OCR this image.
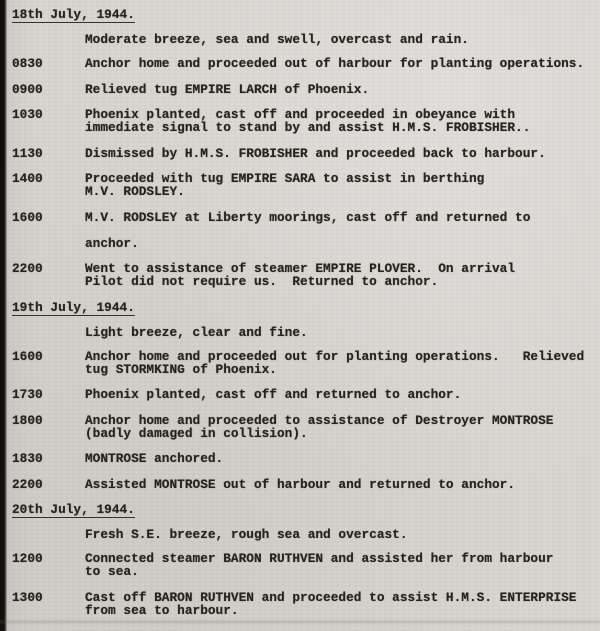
18th July, 1944.
Moderate breeze, sea and swell, overcast and rain.
0830	Anchor home and proceeded out of harbour for planting operations.
0900	Relieved tug EMPIRE LARCH of Phoenix.
1030	Phoenix planted, cast off and proceeded in obeyance with
immediate signal to stand by and assist H.M.S. FROBISHER..
1130	Dismissed by H.M.S. FROBISHER and proceeded back to harbour.
1400	Proceeded with tug EMPIRE SARA to assist in berthing
M.V. RODSLEY.
1600	M.V. RODSLEY at Liberty moorings, cast off and returned to
anchor.
2200	Went to assistance of steamer EMPIRE PLOVER.  On arrival
Pilot did not require us.  Returned to anchor.
19th July, 1944.
Light breeze, clear and fine.
1600	Anchor home and proceeded out for planting operations.   Relieved
tug STORMKING of Phoenix.
1730	Phoenix planted, cast off and returned to anchor.
1800	Anchor home and proceeded to assistance of Destroyer MONTROSE
(badly damaged in collision).
1830	MONTROSE anchored.
2200	Assisted MONTROSE out of harbour and returned to anchor.
20th July, 1944.
Fresh S.E. breeze, rough sea and overcast.
1200	Connected steamer BARON RUTHVEN and assisted her from harbour
to sea.
1300	Cast off BARON RUTHVEN and proceeded to assist H.M.S. ENTERPRISE
from sea to harbour.
